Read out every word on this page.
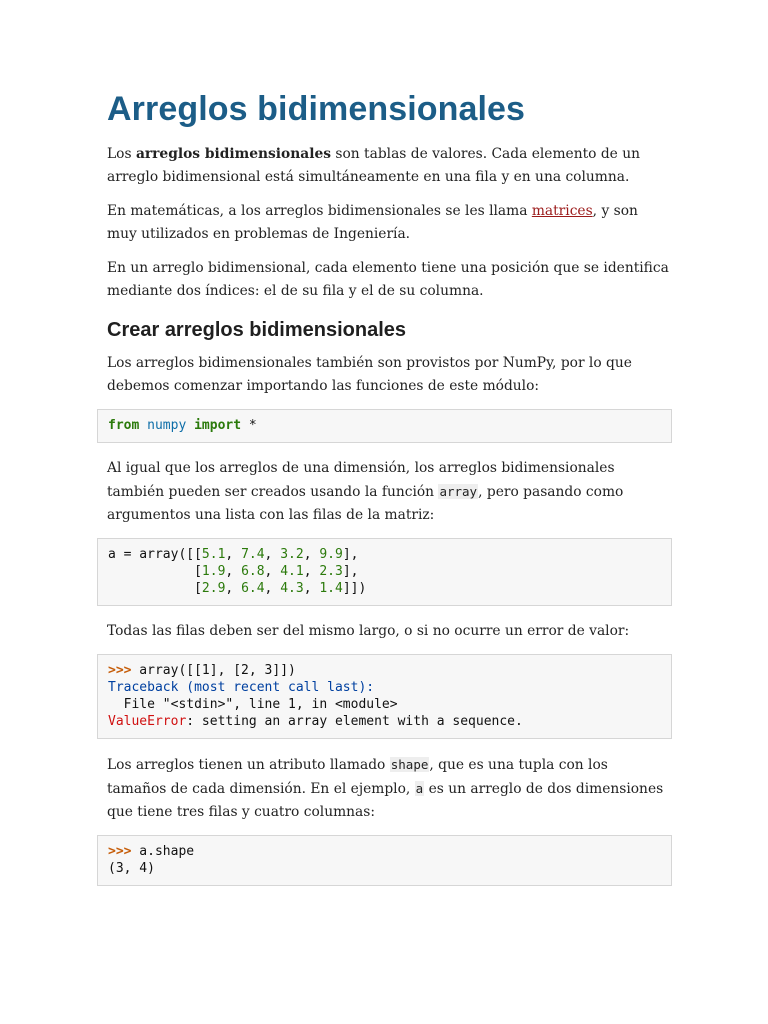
Arreglos bidimensionales

Los arreglos bidimensionales son tablas de valores. Cada elemento de un arreglo bidimensional está simultáneamente en una fila y en una columna.

En matemáticas, a los arreglos bidimensionales se les llama matrices, y son muy utilizados en problemas de Ingeniería.

En un arreglo bidimensional, cada elemento tiene una posición que se identifica mediante dos índices: el de su fila y el de su columna.

Crear arreglos bidimensionales

Los arreglos bidimensionales también son provistos por NumPy, por lo que debemos comenzar importando las funciones de este módulo:

from numpy import *

Al igual que los arreglos de una dimensión, los arreglos bidimensionales también pueden ser creados usando la función array, pero pasando como argumentos una lista con las filas de la matriz:

a = array([[5.1, 7.4, 3.2, 9.9],
[1.9, 6.8, 4.1, 2.3],
[2.9, 6.4, 4.3, 1.4]])

Todas las filas deben ser del mismo largo, o si no ocurre un error de valor:

>>> array([[1], [2, 3]])
Traceback (most recent call last):
File "<stdin>", line 1, in <module>
ValueError: setting an array element with a sequence.

Los arreglos tienen un atributo llamado shape, que es una tupla con los tamaños de cada dimensión. En el ejemplo, a es un arreglo de dos dimensiones que tiene tres filas y cuatro columnas:

>>> a.shape
(3, 4)
